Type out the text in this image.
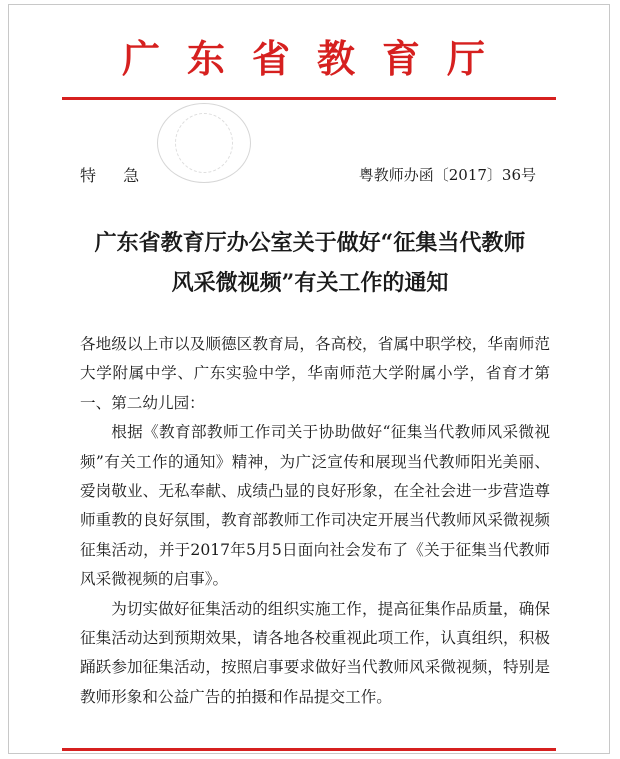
广东省教育厅
特 急	粤教师办函〔2017〕36号
广东省教育厅办公室关于做好“征集当代教师
风采微视频”有关工作的通知

各地级以上市以及顺德区教育局，各高校，省属中职学校，华南师范大学附属中学、广东实验中学，华南师范大学附属小学，省育才第一、第二幼儿园：

根据《教育部教师工作司关于协助做好“征集当代教师风采微视频”有关工作的通知》精神，为广泛宣传和展现当代教师阳光美丽、爱岗敬业、无私奉献、成绩凸显的良好形象，在全社会进一步营造尊师重教的良好氛围，教育部教师工作司决定开展当代教师风采微视频征集活动，并于2017年5月5日面向社会发布了《关于征集当代教师风采微视频的启事》。

为切实做好征集活动的组织实施工作，提高征集作品质量，确保征集活动达到预期效果，请各地各校重视此项工作，认真组织，积极踊跃参加征集活动，按照启事要求做好当代教师风采微视频，特别是教师形象和公益广告的拍摄和作品提交工作。
